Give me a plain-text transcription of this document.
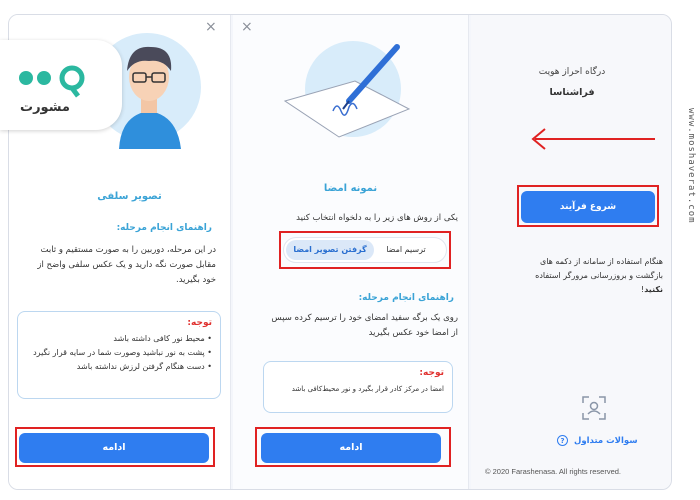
×
تصویر سلفی
راهنمای انجام مرحله:
در این مرحله، دوربین را به صورت مستقیم و ثابت
مقابل صورت نگه دارید و یک عکس سلفی واضح از
خود بگیرید.
توجه:
• محیط نور کافی داشته باشد
• پشت به نور نباشید وصورت شما در سایه قرار نگیرد
• دست هنگام گرفتن لرزش نداشته باشد
ادامه
×
نمونه امضا
یکی از روش های زیر را به دلخواه انتخاب کنید
گرفتن تصویر امضا	ترسیم امضا
راهنمای انجام مرحله:
روی یک برگه سفید امضای خود را ترسیم کرده سپس
از امضا خود عکس بگیرید
توجه:
امضا در مرکز کادر قرار بگیرد و نور محیط‌کافی باشد
ادامه
درگاه احراز هویت
فراشناسا
شروع فرآیند
هنگام استفاده از سامانه از دکمه های
بازگشت و بروزرسانی مرورگر استفاده نکنید!
سوالات متداول ?
© 2020 Farashenasa. All rights reserved.
مشورت
www.moshaverat.com
